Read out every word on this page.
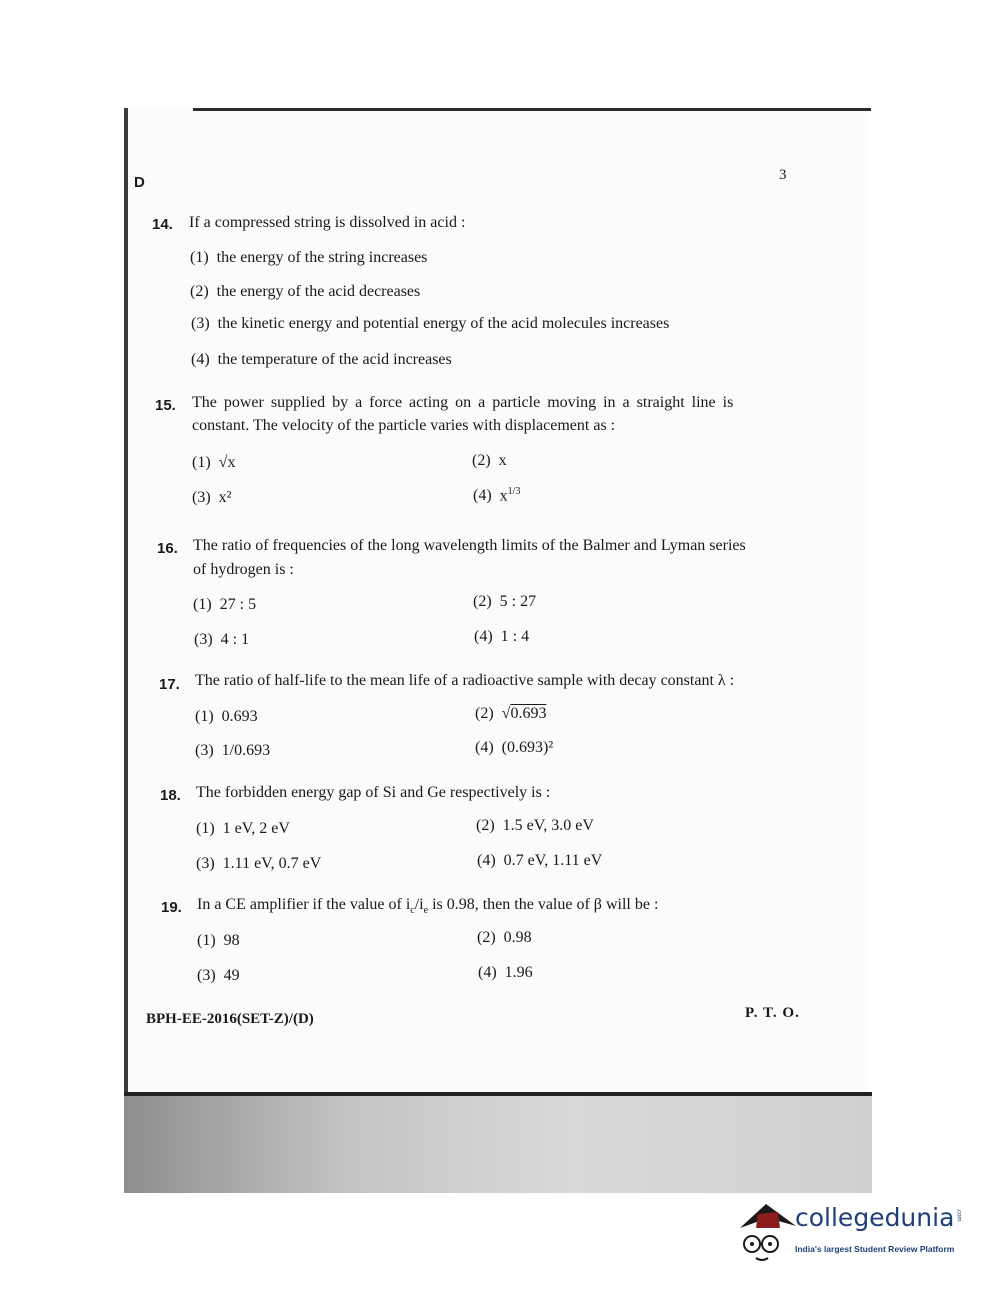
D	3
14. If a compressed string is dissolved in acid :
(1) the energy of the string increases
(2) the energy of the acid decreases
(3) the kinetic energy and potential energy of the acid molecules increases
(4) the temperature of the acid increases
15. The power supplied by a force acting on a particle moving in a straight line is
constant. The velocity of the particle varies with displacement as :
(1) √x	(2) x
(3) x²	(4) $x^{1/3}$
16. The ratio of frequencies of the long wavelength limits of the Balmer and Lyman series
of hydrogen is :
(1) 27 : 5	(2) 5 : 27
(3) 4 : 1	(4) 1 : 4
17. The ratio of half-life to the mean life of a radioactive sample with decay constant λ :
(1) 0.693	(2) √0.693
(3) 1/0.693	(4) (0.693)²
18. The forbidden energy gap of Si and Ge respectively is :
(1) 1 eV, 2 eV	(2) 1.5 eV, 3.0 eV
(3) 1.11 eV, 0.7 eV	(4) 0.7 eV, 1.11 eV
19. In a CE amplifier if the value of $i_c/i_e$ is 0.98, then the value of β will be :
(1) 98	(2) 0.98
(3) 49	(4) 1.96
BPH-EE-2016(SET-Z)/(D)	P. T. O.
collegedunia .com
India's largest Student Review Platform
